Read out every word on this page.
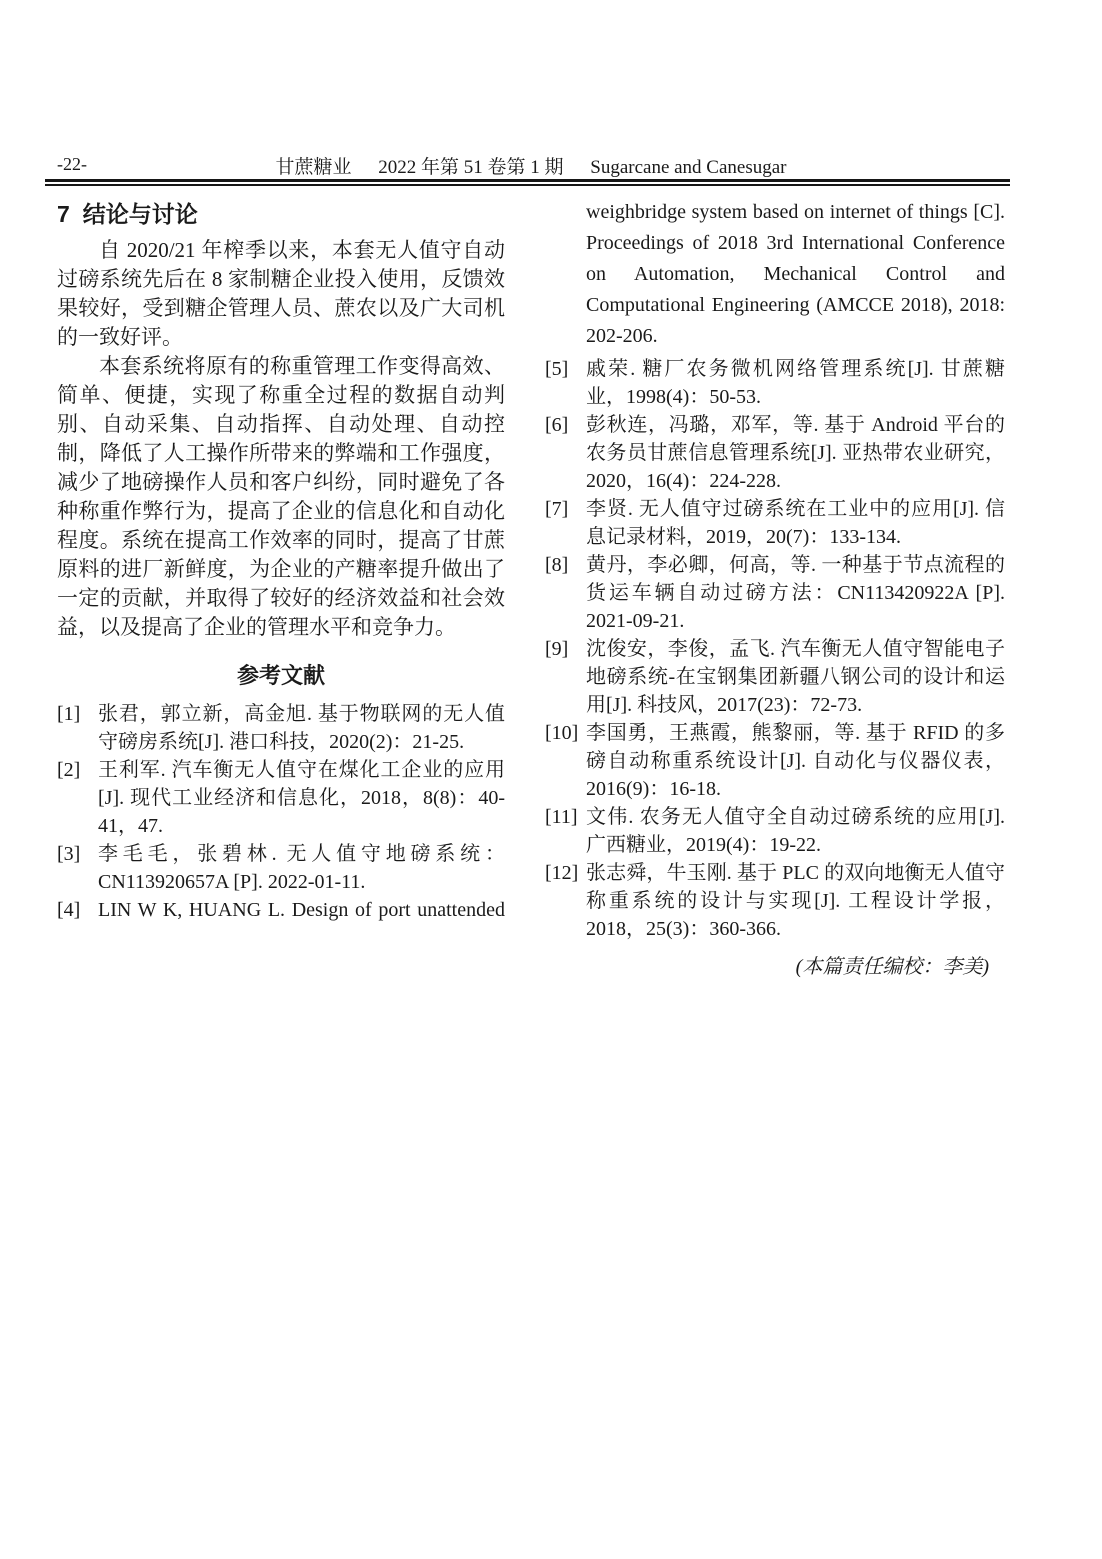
-22-	甘蔗糖业 2022 年第 51 卷第 1 期 Sugarcane and Canesugar
7 结论与讨论

自 2020/21 年榨季以来，本套无人值守自动过磅系统先后在 8 家制糖企业投入使用，反馈效果较好，受到糖企管理人员、蔗农以及广大司机的一致好评。

本套系统将原有的称重管理工作变得高效、简单、便捷，实现了称重全过程的数据自动判别、自动采集、自动指挥、自动处理、自动控制，降低了人工操作所带来的弊端和工作强度，减少了地磅操作人员和客户纠纷，同时避免了各种称重作弊行为，提高了企业的信息化和自动化程度。系统在提高工作效率的同时，提高了甘蔗原料的进厂新鲜度，为企业的产糖率提升做出了一定的贡献，并取得了较好的经济效益和社会效益，以及提高了企业的管理水平和竞争力。

参考文献
[1] 张君，郭立新，高金旭. 基于物联网的无人值守磅房系统[J]. 港口科技，2020(2)：21-25.
[2] 王利军. 汽车衡无人值守在煤化工企业的应用[J]. 现代工业经济和信息化，2018，8(8)：40-41，47.
[3] 李毛毛，张碧林. 无人值守地磅系统：CN113920657A [P]. 2022-01-11.
[4] LIN W K, HUANG L. Design of port unattended

weighbridge system based on internet of things [C]. Proceedings of 2018 3rd International Conference on Automation, Mechanical Control and Computational Engineering (AMCCE 2018), 2018: 202-206.

[5] 戚荣. 糖厂农务微机网络管理系统[J]. 甘蔗糖业，1998(4)：50-53.
[6] 彭秋连，冯璐，邓军，等. 基于 Android 平台的农务员甘蔗信息管理系统[J]. 亚热带农业研究，2020，16(4)：224-228.
[7] 李贤. 无人值守过磅系统在工业中的应用[J]. 信息记录材料，2019，20(7)：133-134.
[8] 黄丹，李必卿，何高，等. 一种基于节点流程的货运车辆自动过磅方法：CN113420922A [P]. 2021-09-21.
[9] 沈俊安，李俊，孟飞. 汽车衡无人值守智能电子地磅系统-在宝钢集团新疆八钢公司的设计和运用[J]. 科技风，2017(23)：72-73.
[10] 李国勇，王燕霞，熊黎丽，等. 基于 RFID 的多磅自动称重系统设计[J]. 自动化与仪器仪表，2016(9)：16-18.
[11] 文伟. 农务无人值守全自动过磅系统的应用[J]. 广西糖业，2019(4)：19-22.
[12] 张志舜，牛玉刚. 基于 PLC 的双向地衡无人值守称重系统的设计与实现[J]. 工程设计学报，2018，25(3)：360-366.
(本篇责任编校：李美)
